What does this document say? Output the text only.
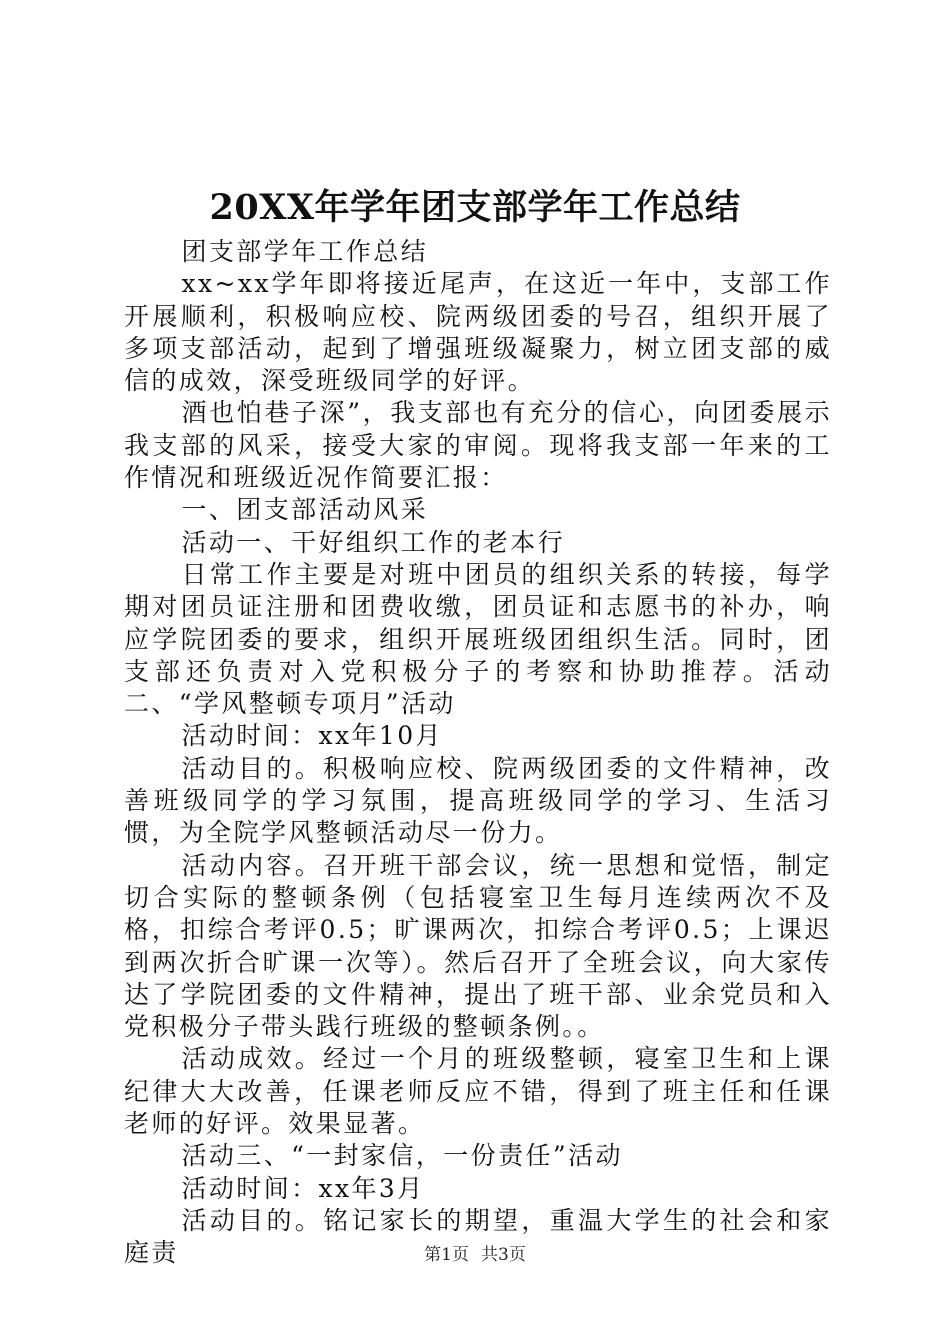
20XX年学年团支部学年工作总结

团支部学年工作总结

xx~xx学年即将接近尾声，在这近一年中，支部工作开展顺利，积极响应校、院两级团委的号召，组织开展了多项支部活动，起到了增强班级凝聚力，树立团支部的威信的成效，深受班级同学的好评。

酒也怕巷子深”，我支部也有充分的信心，向团委展示我支部的风采，接受大家的审阅。现将我支部一年来的工作情况和班级近况作简要汇报：

一、团支部活动风采

活动一、干好组织工作的老本行

日常工作主要是对班中团员的组织关系的转接，每学期对团员证注册和团费收缴，团员证和志愿书的补办，响应学院团委的要求，组织开展班级团组织生活。同时，团支部还负责对入党积极分子的考察和协助推荐。活动二、“学风整顿专项月”活动

活动时间：xx年10月

活动目的。积极响应校、院两级团委的文件精神，改善班级同学的学习氛围，提高班级同学的学习、生活习惯，为全院学风整顿活动尽一份力。

活动内容。召开班干部会议，统一思想和觉悟，制定切合实际的整顿条例（包括寝室卫生每月连续两次不及格，扣综合考评0.5；旷课两次，扣综合考评0.5；上课迟到两次折合旷课一次等）。然后召开了全班会议，向大家传达了学院团委的文件精神，提出了班干部、业余党员和入党积极分子带头践行班级的整顿条例。。

活动成效。经过一个月的班级整顿，寝室卫生和上课纪律大大改善，任课老师反应不错，得到了班主任和任课老师的好评。效果显著。

活动三、“一封家信，一份责任”活动

活动时间：xx年3月

活动目的。铭记家长的期望，重温大学生的社会和家庭责	第1页 共3页
